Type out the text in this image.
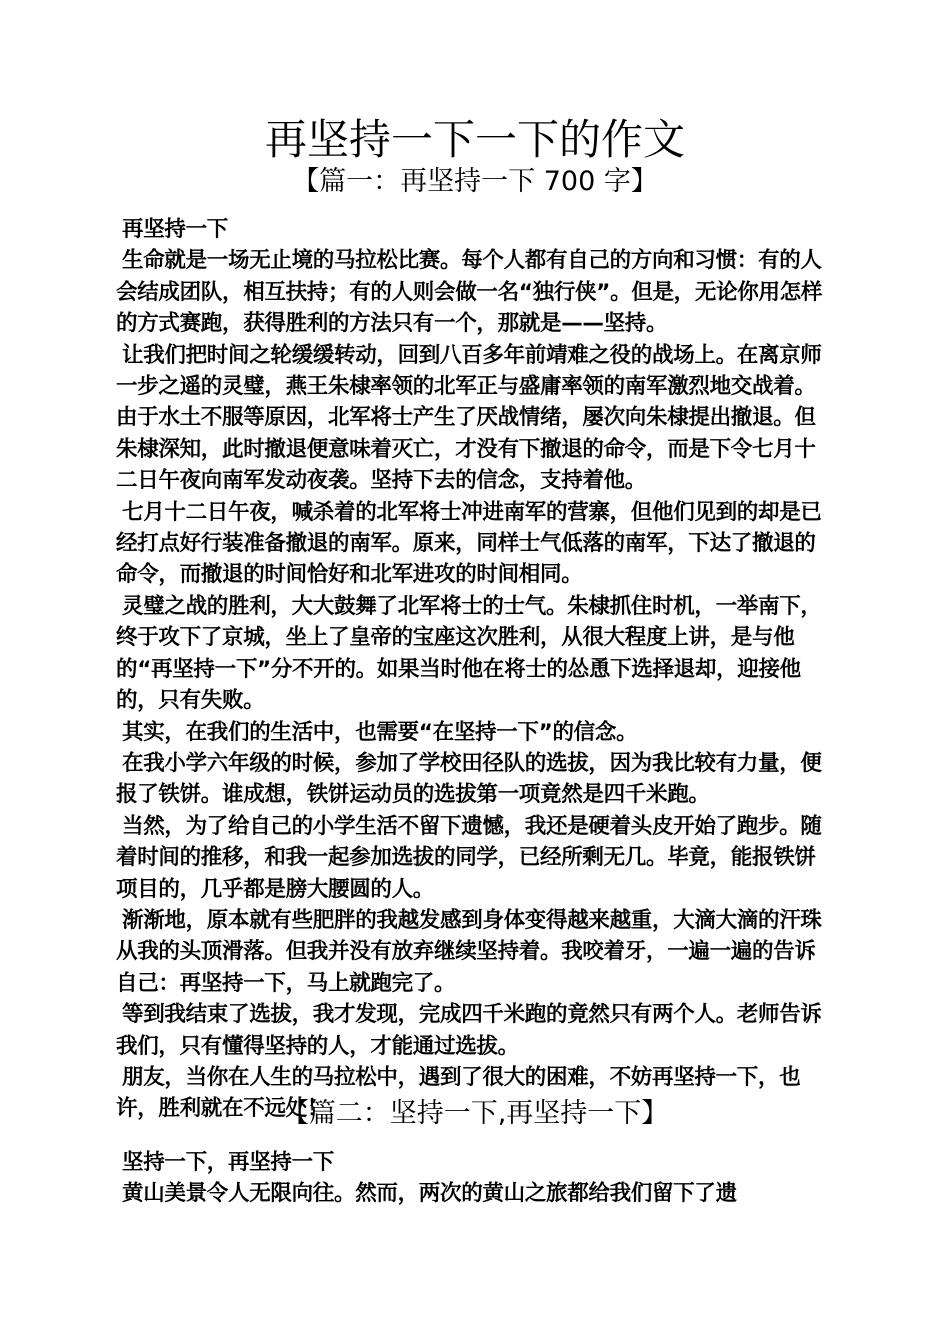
再坚持一下一下的作文
【篇一：再坚持一下 700 字】

再坚持一下

生命就是一场无止境的马拉松比赛。每个人都有自己的方向和习惯：有的人会结成团队，相互扶持；有的人则会做一名“独行侠”。但是，无论你用怎样的方式赛跑，获得胜利的方法只有一个，那就是——坚持。

让我们把时间之轮缓缓转动，回到八百多年前靖难之役的战场上。在离京师一步之遥的灵璧，燕王朱棣率领的北军正与盛庸率领的南军激烈地交战着。由于水土不服等原因，北军将士产生了厌战情绪，屡次向朱棣提出撤退。但朱棣深知，此时撤退便意味着灭亡，才没有下撤退的命令，而是下令七月十二日午夜向南军发动夜袭。坚持下去的信念，支持着他。

七月十二日午夜，喊杀着的北军将士冲进南军的营寨，但他们见到的却是已经打点好行装准备撤退的南军。原来，同样士气低落的南军，下达了撤退的命令，而撤退的时间恰好和北军进攻的时间相同。

灵璧之战的胜利，大大鼓舞了北军将士的士气。朱棣抓住时机，一举南下，终于攻下了京城，坐上了皇帝的宝座这次胜利，从很大程度上讲，是与他的“再坚持一下”分不开的。如果当时他在将士的怂恿下选择退却，迎接他的，只有失败。

其实，在我们的生活中，也需要“在坚持一下”的信念。

在我小学六年级的时候，参加了学校田径队的选拔，因为我比较有力量，便报了铁饼。谁成想，铁饼运动员的选拔第一项竟然是四千米跑。

当然，为了给自己的小学生活不留下遗憾，我还是硬着头皮开始了跑步。随着时间的推移，和我一起参加选拔的同学，已经所剩无几。毕竟，能报铁饼项目的，几乎都是膀大腰圆的人。

渐渐地，原本就有些肥胖的我越发感到身体变得越来越重，大滴大滴的汗珠从我的头顶滑落。但我并没有放弃继续坚持着。我咬着牙，一遍一遍的告诉自己：再坚持一下，马上就跑完了。

等到我结束了选拔，我才发现，完成四千米跑的竟然只有两个人。老师告诉我们，只有懂得坚持的人，才能通过选拔。

朋友，当你在人生的马拉松中，遇到了很大的困难，不妨再坚持一下，也许，胜利就在不远处！

【篇二：坚持一下,再坚持一下】

坚持一下，再坚持一下

黄山美景令人无限向往。然而，两次的黄山之旅都给我们留下了遗
